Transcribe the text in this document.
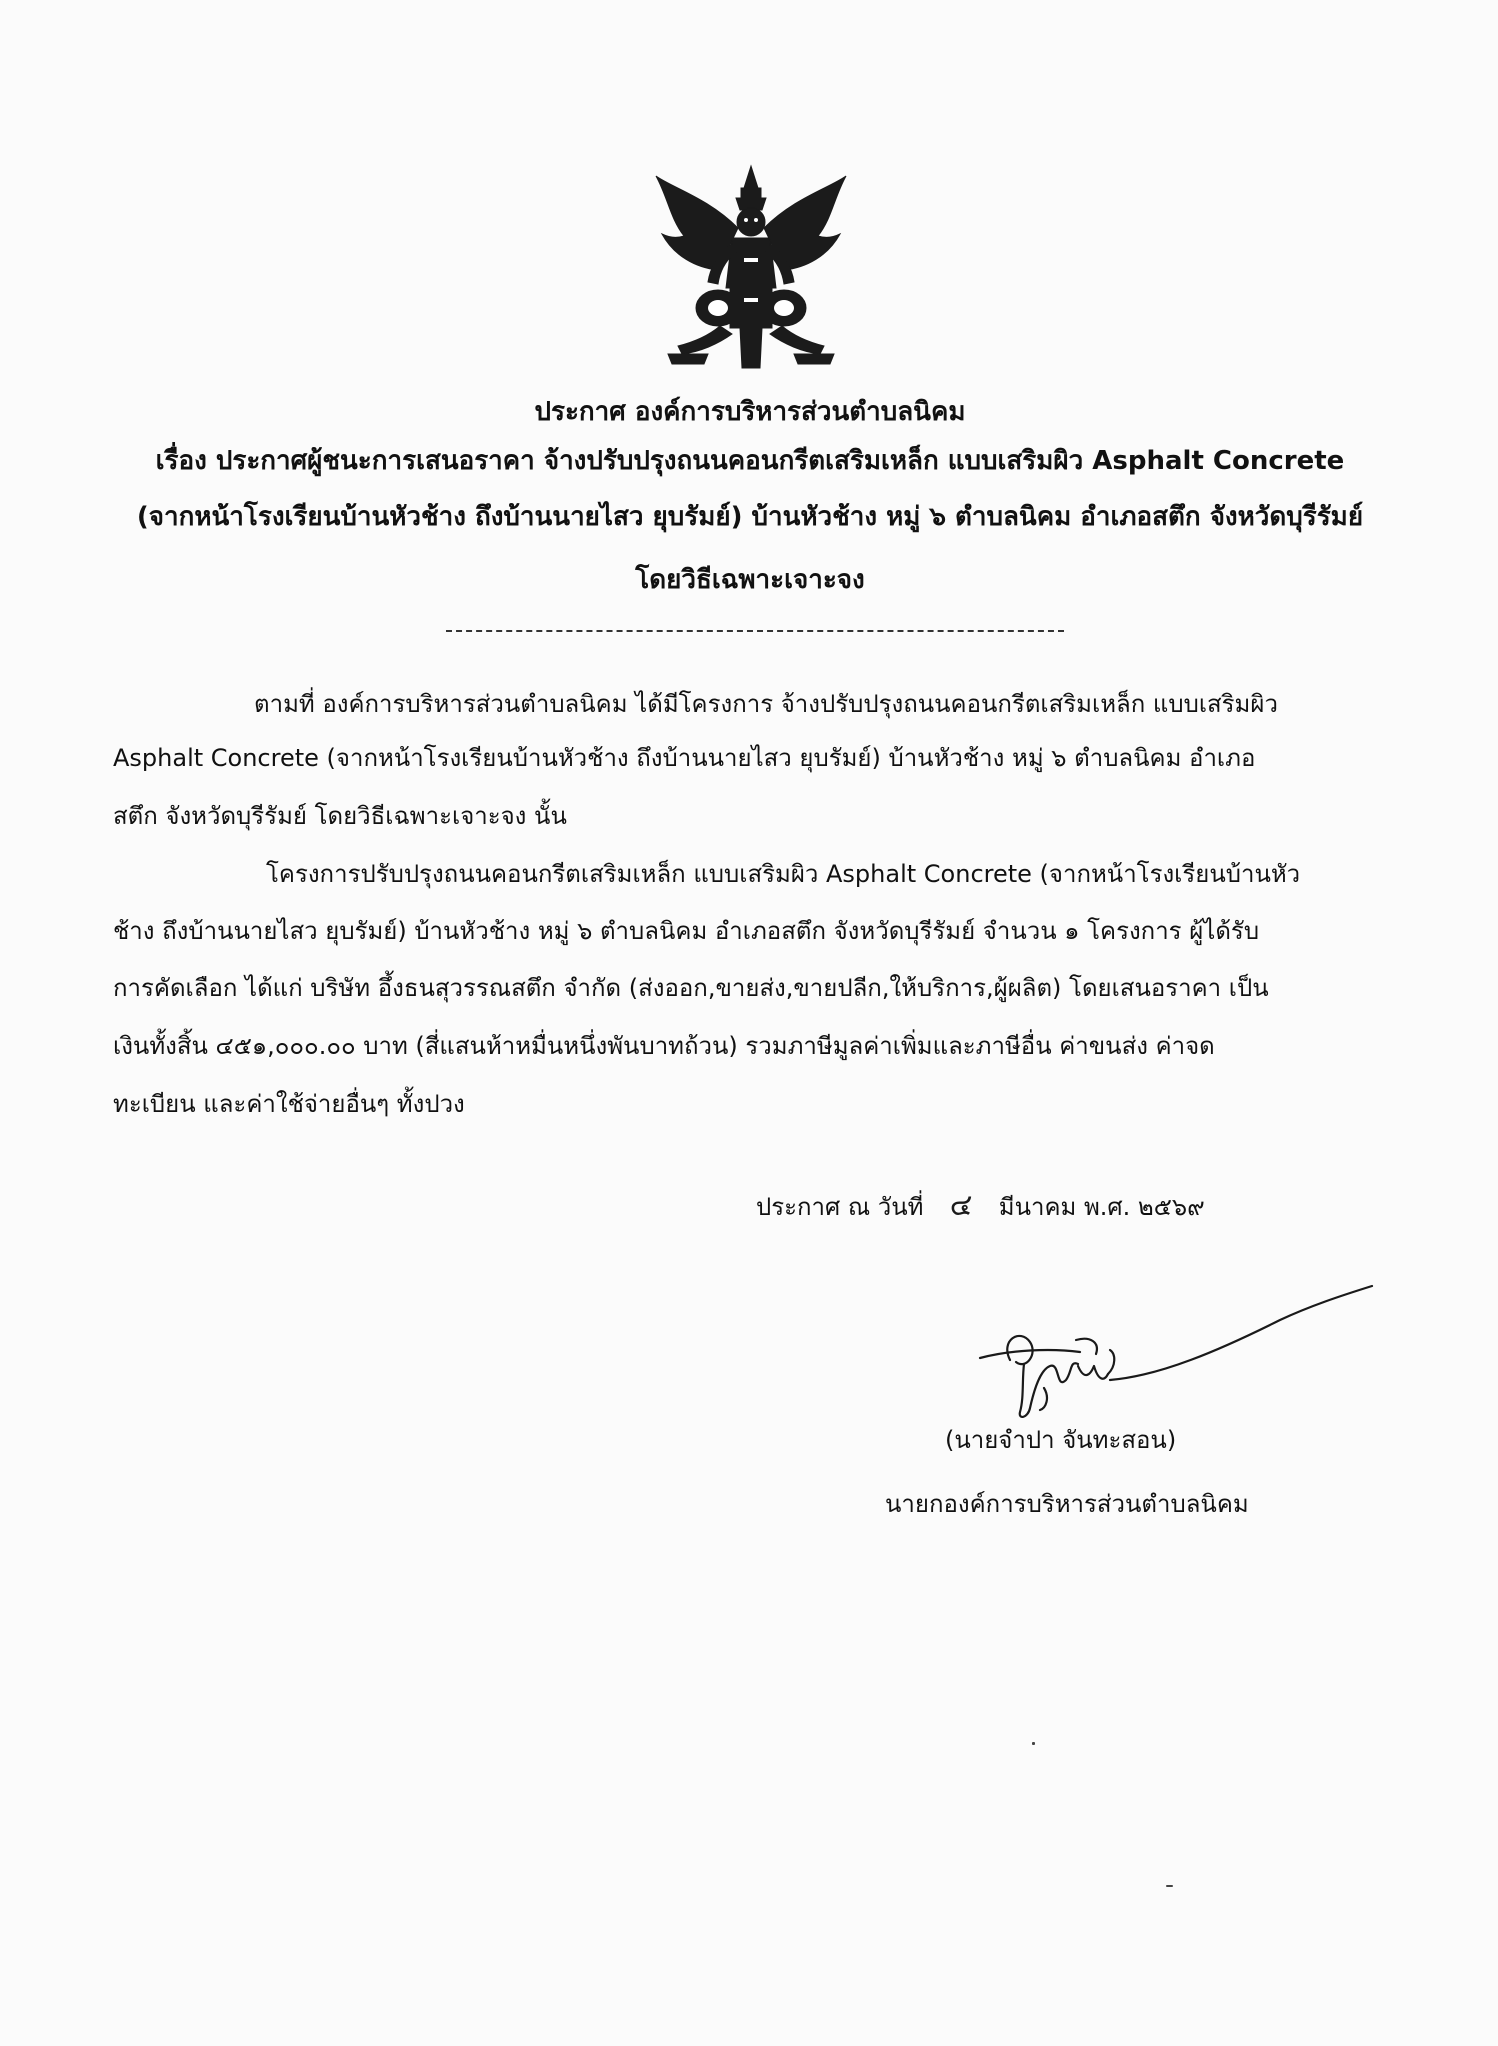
ประกาศ องค์การบริหารส่วนตำบลนิคม
เรื่อง ประกาศผู้ชนะการเสนอราคา จ้างปรับปรุงถนนคอนกรีตเสริมเหล็ก แบบเสริมผิว Asphalt Concrete
(จากหน้าโรงเรียนบ้านหัวช้าง ถึงบ้านนายไสว ยุบรัมย์) บ้านหัวช้าง หมู่ ๖ ตำบลนิคม อำเภอสตึก จังหวัดบุรีรัมย์
โดยวิธีเฉพาะเจาะจง
ตามที่ องค์การบริหารส่วนตำบลนิคม ได้มีโครงการ จ้างปรับปรุงถนนคอนกรีตเสริมเหล็ก แบบเสริมผิว
Asphalt Concrete (จากหน้าโรงเรียนบ้านหัวช้าง ถึงบ้านนายไสว ยุบรัมย์) บ้านหัวช้าง หมู่ ๖ ตำบลนิคม อำเภอ
สตึก จังหวัดบุรีรัมย์ โดยวิธีเฉพาะเจาะจง นั้น
โครงการปรับปรุงถนนคอนกรีตเสริมเหล็ก แบบเสริมผิว Asphalt Concrete (จากหน้าโรงเรียนบ้านหัว
ช้าง ถึงบ้านนายไสว ยุบรัมย์) บ้านหัวช้าง หมู่ ๖ ตำบลนิคม อำเภอสตึก จังหวัดบุรีรัมย์ จำนวน ๑ โครงการ ผู้ได้รับ
การคัดเลือก ได้แก่ บริษัท อึ้งธนสุวรรณสตึก จำกัด (ส่งออก,ขายส่ง,ขายปลีก,ให้บริการ,ผู้ผลิต) โดยเสนอราคา เป็น
เงินทั้งสิ้น ๔๕๑,๐๐๐.๐๐ บาท (สี่แสนห้าหมื่นหนึ่งพันบาทถ้วน) รวมภาษีมูลค่าเพิ่มและภาษีอื่น ค่าขนส่ง ค่าจด
ทะเบียน และค่าใช้จ่ายอื่นๆ ทั้งปวง
ประกาศ ณ วันที่ ๔ มีนาคม พ.ศ. ๒๕๖๙
(นายจำปา จันทะสอน)
นายกองค์การบริหารส่วนตำบลนิคม
